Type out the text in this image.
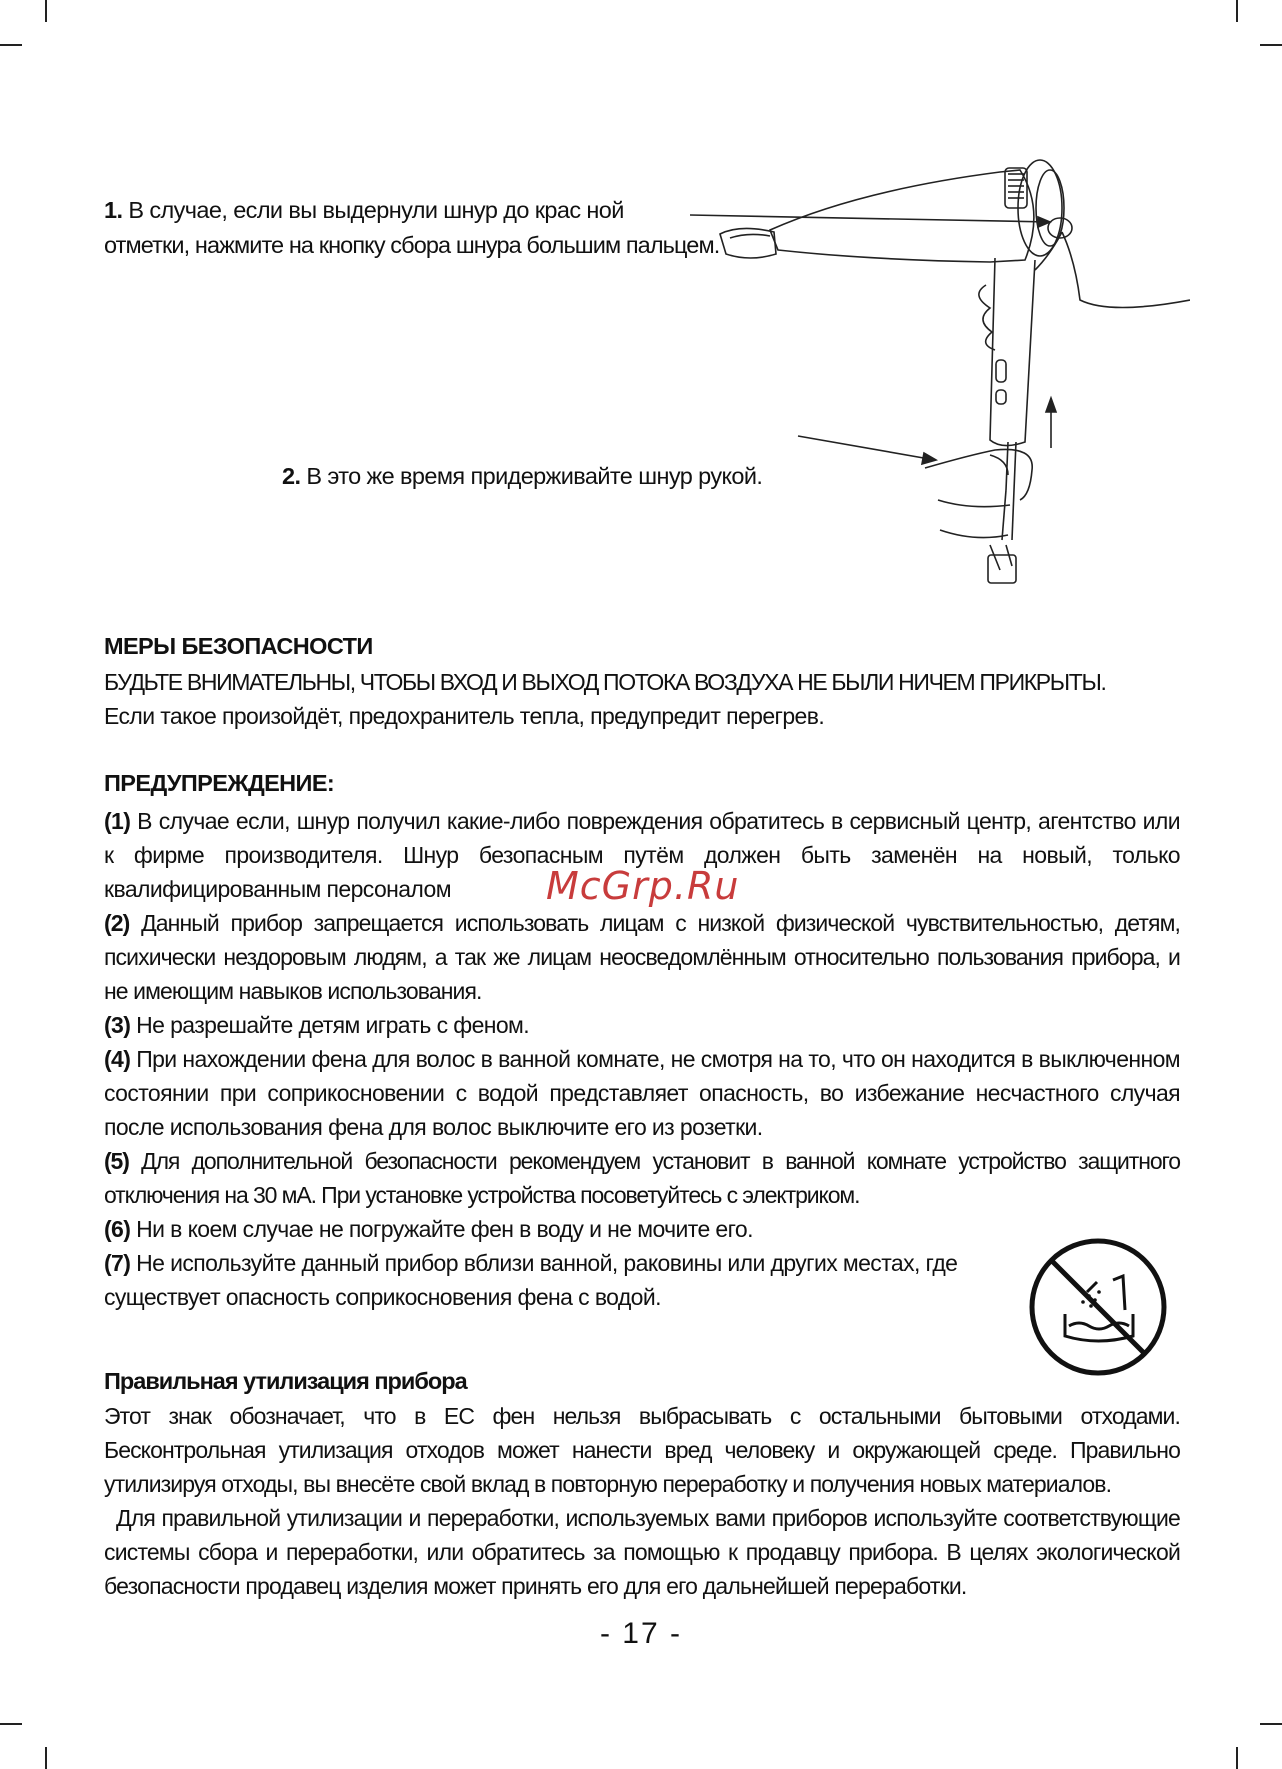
1. В случае, если вы выдернули шнур до крас ной
отметки, нажмите на кнопку сбора шнура большим пальцем.
2. В это же время придерживайте шнур рукой.
МЕРЫ БЕЗОПАСНОСТИ

БУДЬТЕ ВНИМАТЕЛЬНЫ, ЧТОБЫ ВХОД И ВЫХОД ПОТОКА ВОЗДУХА НЕ БЫЛИ НИЧЕМ ПРИКРЫТЫ.

Если такое произойдёт, предохранитель тепла, предупредит перегрев.

ПРЕДУПРЕЖДЕНИЕ:

(1) В случае если, шнур получил какие-либо повреждения обратитесь в сервисный центр, агентство или к фирме производителя. Шнур безопасным путём должен быть заменён на новый, только квалифицированным персоналом

(2) Данный прибор запрещается использовать лицам с низкой физической чувствительностью, детям, психически нездоровым людям, а так же лицам неосведомлённым относительно пользования прибора, и не имеющим навыков использования.

(3) Не разрешайте детям играть с феном.

(4) При нахождении фена для волос в ванной комнате, не смотря на то, что он находится в выключенном состоянии при соприкосновении с водой представляет опасность, во избежание несчастного случая после использования фена для волос выключите его из розетки.

(5) Для дополнительной безопасности рекомендуем установит в ванной комнате устройство защитного отключения на 30 мА. При установке устройства посоветуйтесь с электриком.

(6) Ни в коем случае не погружайте фен в воду и не мочите его.

(7) Не используйте данный прибор вблизи ванной, раковины или других местах, где существует опасность соприкосновения фена с водой.

McGrp.Ru
Правильная утилизация прибора

Этот знак обозначает, что в ЕС фен нельзя выбрасывать с остальными бытовыми отходами. Бесконтрольная утилизация отходов может нанести вред человеку и окружающей среде. Правильно утилизируя отходы, вы внесёте свой вклад в повторную переработку и получения новых материалов.

Для правильной утилизации и переработки, используемых вами приборов используйте соответствующие системы сбора и переработки, или обратитесь за помощью к продавцу прибора. В целях экологической безопасности продавец изделия может принять его для его дальнейшей переработки.

- 17 -
